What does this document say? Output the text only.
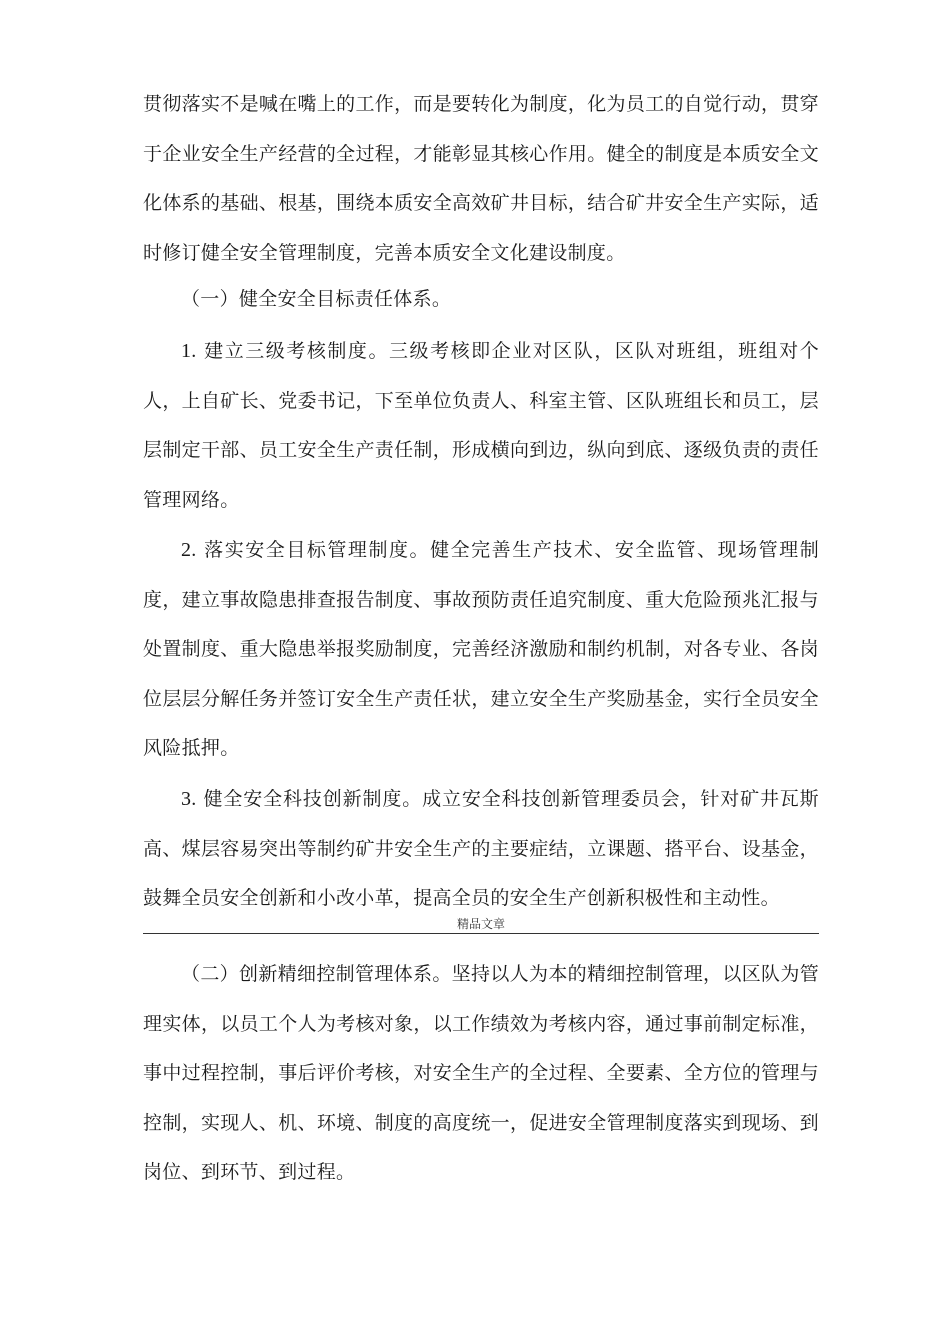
贯彻落实不是喊在嘴上的工作，而是要转化为制度，化为员工的自觉行动，贯穿于企业安全生产经营的全过程，才能彰显其核心作用。健全的制度是本质安全文化体系的基础、根基，围绕本质安全高效矿井目标，结合矿井安全生产实际，适时修订健全安全管理制度，完善本质安全文化建设制度。

（一）健全安全目标责任体系。

1. 建立三级考核制度。三级考核即企业对区队，区队对班组，班组对个人，上自矿长、党委书记，下至单位负责人、科室主管、区队班组长和员工，层层制定干部、员工安全生产责任制，形成横向到边，纵向到底、逐级负责的责任管理网络。

2. 落实安全目标管理制度。健全完善生产技术、安全监管、现场管理制度，建立事故隐患排查报告制度、事故预防责任追究制度、重大危险预兆汇报与处置制度、重大隐患举报奖励制度，完善经济激励和制约机制，对各专业、各岗位层层分解任务并签订安全生产责任状，建立安全生产奖励基金，实行全员安全风险抵押。

3. 健全安全科技创新制度。成立安全科技创新管理委员会，针对矿井瓦斯高、煤层容易突出等制约矿井安全生产的主要症结，立课题、搭平台、设基金，鼓舞全员安全创新和小改小革，提高全员的安全生产创新积极性和主动性。

精品文章

（二）创新精细控制管理体系。坚持以人为本的精细控制管理，以区队为管理实体，以员工个人为考核对象，以工作绩效为考核内容，通过事前制定标准，事中过程控制，事后评价考核，对安全生产的全过程、全要素、全方位的管理与控制，实现人、机、环境、制度的高度统一，促进安全管理制度落实到现场、到岗位、到环节、到过程。
